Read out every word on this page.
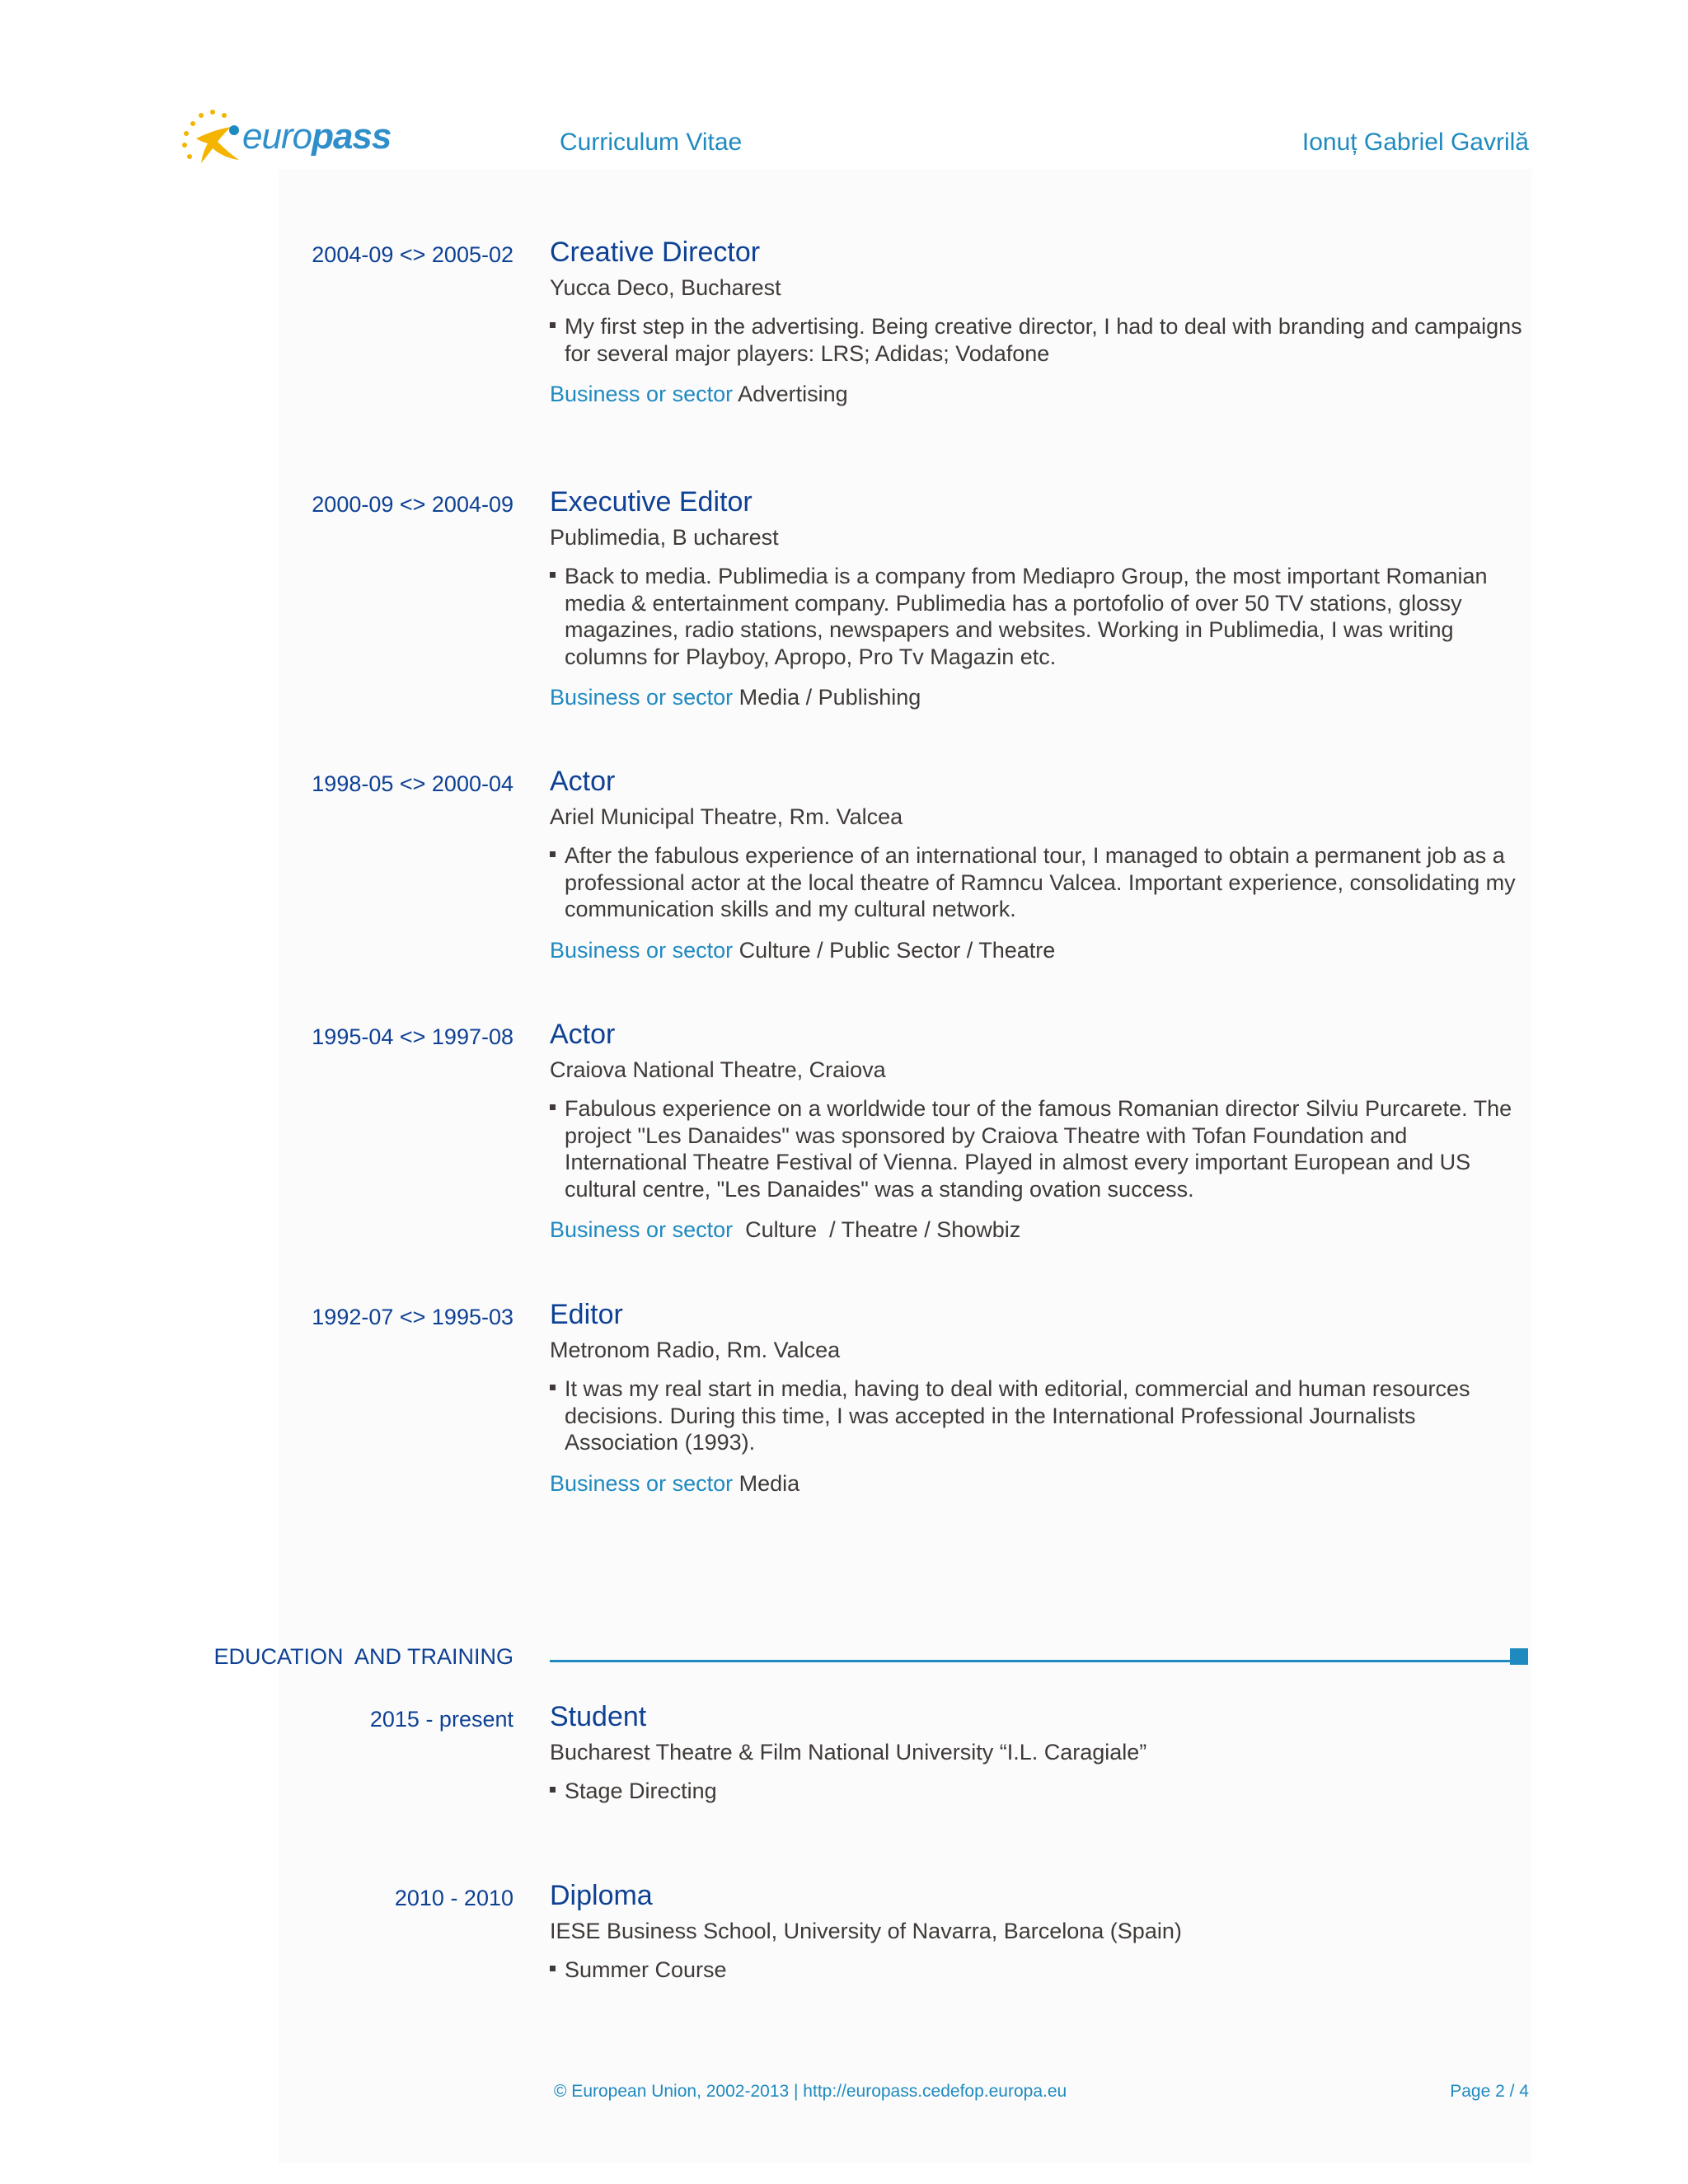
europass	Curriculum Vitae	Ionuț Gabriel Gavrilă
2004-09 <> 2005-02 Creative Director
Yucca Deco, Bucharest
My first step in the advertising. Being creative director, I had to deal with branding and campaigns for several major players: LRS; Adidas; Vodafone
Business or sector Advertising
2000-09 <> 2004-09 Executive Editor
Publimedia, B ucharest
Back to media. Publimedia is a company from Mediapro Group, the most important Romanian media & entertainment company. Publimedia has a portofolio of over 50 TV stations, glossy magazines, radio stations, newspapers and websites. Working in Publimedia, I was writing columns for Playboy, Apropo, Pro Tv Magazin etc.
Business or sector Media / Publishing
1998-05 <> 2000-04 Actor
Ariel Municipal Theatre, Rm. Valcea
After the fabulous experience of an international tour, I managed to obtain a permanent job as a professional actor at the local theatre of Ramncu Valcea. Important experience, consolidating my communication skills and my cultural network.
Business or sector Culture / Public Sector / Theatre
1995-04 <> 1997-08 Actor
Craiova National Theatre, Craiova
Fabulous experience on a worldwide tour of the famous Romanian director Silviu Purcarete. The project "Les Danaides" was sponsored by Craiova Theatre with Tofan Foundation and International Theatre Festival of Vienna. Played in almost every important European and US cultural centre, "Les Danaides" was a standing ovation success.
Business or sector  Culture  / Theatre / Showbiz
1992-07 <> 1995-03 Editor
Metronom Radio, Rm. Valcea
It was my real start in media, having to deal with editorial, commercial and human resources decisions. During this time, I was accepted in the International Professional Journalists Association (1993).
Business or sector Media
EDUCATION  AND TRAINING
2015 - present Student
Bucharest Theatre & Film National University “I.L. Caragiale”
Stage Directing
2010 - 2010 Diploma
IESE Business School, University of Navarra, Barcelona (Spain)
Summer Course
© European Union, 2002-2013 | http://europass.cedefop.europa.eu	Page 2 / 4
